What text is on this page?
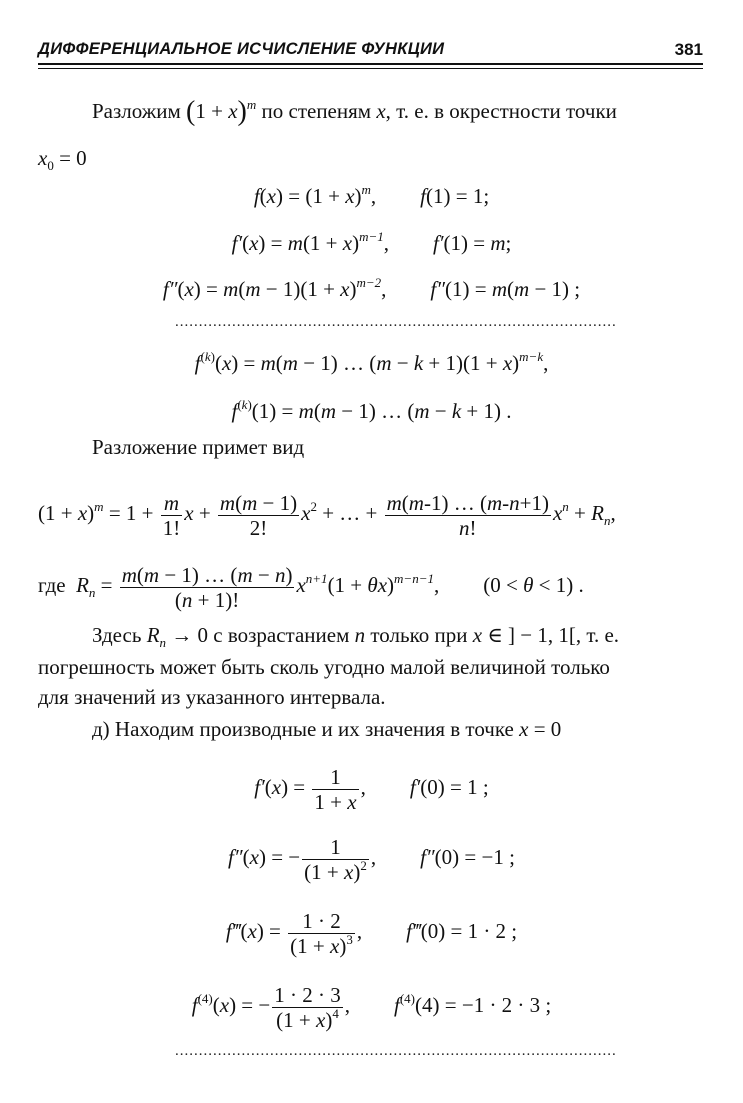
ДИФФЕРЕНЦИАЛЬНОЕ ИСЧИСЛЕНИЕ ФУНКЦИИ	381
Разложим $(1 + x)^m$ по степеням x, т. е. в окрестности точки
$x_0 = 0$
$f(x) = (1 + x)^m$, f(1) = 1;
$f'(x) = m(1 + x)^{m-1}$, f′(1) = m;
$f''(x) = m(m - 1)(1 + x)^{m-2}$, f″(1) = m(m − 1) ;
.............................................................................................
$f^{(k)}(x) = m(m - 1)$ … $(m - k + 1)(1 + x)^{m-k}$,
$f^{(k)}(1) = m(m - 1)$ … (m − k + 1) .
Разложение примет вид
$(1 + x)^m = 1 + \frac{m}{1!}$ $x + \frac{m(m - 1)}{2!} x^2$ + … + $\frac{m(m-1) \dots (m-n+1)}{n!} x^n + R_n$,
где  $R_n = \frac{m(m - 1) \dots (m - n)}{(n + 1)!} x^{n+1}(1 + \theta x)^{m-n-1}$, (0 < θ < 1) .
Здесь $R_n \to 0$ с возрастанием n только при x ∈ ] − 1, 1[, т. е.
погрешность может быть сколь угодно малой величиной только
для значений из указанного интервала.
д) Находим производные и их значения в точке x = 0
$f'(x) = \frac{1}{1 + x}$ , f′(0) = 1 ;
f″(x) = − $\frac{1}{(1 + x)^2}$ , f″(0) = −1 ;
f‴(x) = $\frac{1 \cdot 2}{(1 + x)^3}$ , f‴(0) = 1 · 2 ;
$f^{(4)}(x)$ = − $\frac{1 \cdot 2 \cdot 3}{(1 + x)^4}$ , $f^{(4)}(4) = -1 \cdot 2 \cdot 3$ ;
.............................................................................................
